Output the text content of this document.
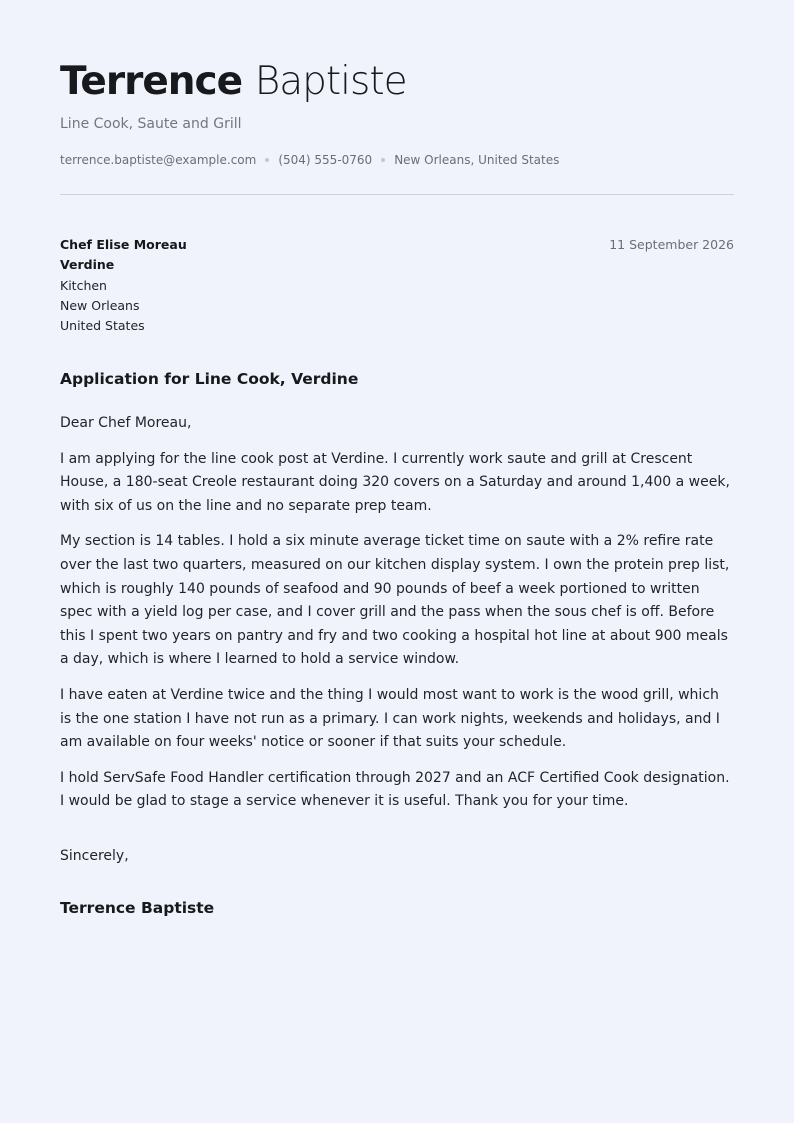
Terrence Baptiste
Line Cook, Saute and Grill
terrence.baptiste@example.com (504) 555-0760 New Orleans, United States
Chef Elise Moreau
Verdine
Kitchen
New Orleans
United States
11 September 2026
Application for Line Cook, Verdine

Dear Chef Moreau,

I am applying for the line cook post at Verdine. I currently work saute and grill at Crescent House, a 180-seat Creole restaurant doing 320 covers on a Saturday and around 1,400 a week, with six of us on the line and no separate prep team.

My section is 14 tables. I hold a six minute average ticket time on saute with a 2% refire rate over the last two quarters, measured on our kitchen display system. I own the protein prep list, which is roughly 140 pounds of seafood and 90 pounds of beef a week portioned to written spec with a yield log per case, and I cover grill and the pass when the sous chef is off. Before this I spent two years on pantry and fry and two cooking a hospital hot line at about 900 meals a day, which is where I learned to hold a service window.

I have eaten at Verdine twice and the thing I would most want to work is the wood grill, which is the one station I have not run as a primary. I can work nights, weekends and holidays, and I am available on four weeks' notice or sooner if that suits your schedule.

I hold ServSafe Food Handler certification through 2027 and an ACF Certified Cook designation. I would be glad to stage a service whenever it is useful. Thank you for your time.

Sincerely,
Terrence Baptiste
